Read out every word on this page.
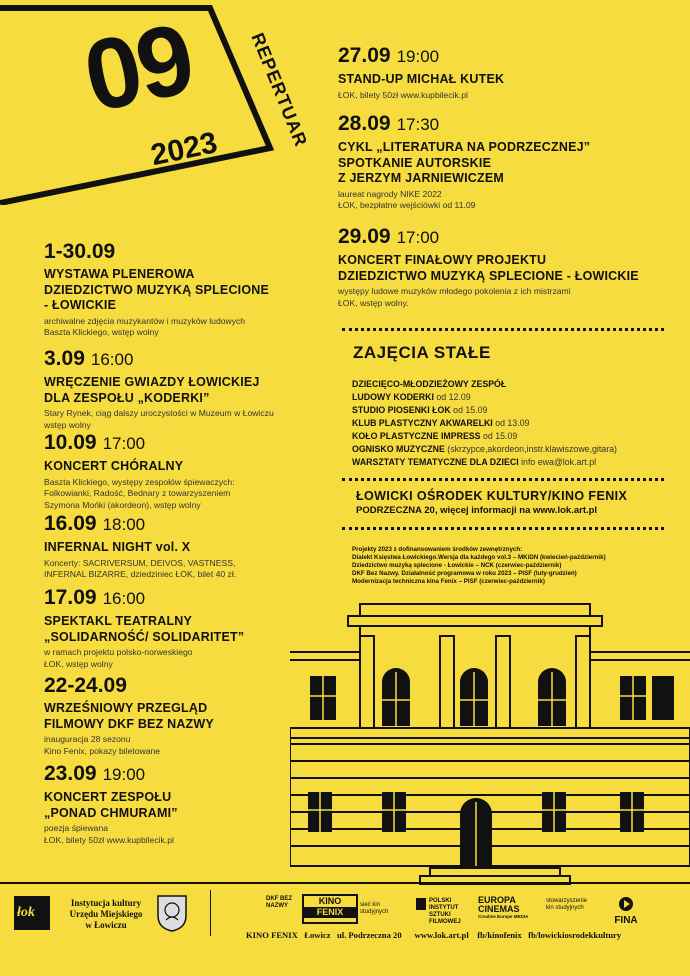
09
2023 REPERTUAR
1-30.09
WYSTAWA PLENEROWA
DZIEDZICTWO MUZYKĄ SPLECIONE
- ŁOWICKIE
archiwalne zdjęcia muzykantów i muzyków ludowych
Baszta Klickiego, wstęp wolny
3.09 16:00
WRĘCZENIE GWIAZDY ŁOWICKIEJ
DLA ZESPOŁU „KODERKI”
Stary Rynek, ciąg dalszy uroczystości w Muzeum w Łowiczu
wstęp wolny
10.09 17:00
KONCERT CHÓRALNY
Baszta Klickiego, występy zespołów śpiewaczych:
Folkowianki, Radość, Bednary z towarzyszeniem
Szymona Mońki (akordeon), wstęp wolny
16.09 18:00
INFERNAL NIGHT vol. X
Koncerty: SACRIVERSUM, DEIVOS, VASTNESS,
INFERNAL BIZARRE, dziedziniec ŁOK, bilet 40 zł.
17.09 16:00
SPEKTAKL TEATRALNY
„SOLIDARNOŚĆ/ SOLIDARITET”
w ramach projektu polsko-norweskiego
ŁOK, wstęp wolny
22-24.09
WRZEŚNIOWY PRZEGLĄD
FILMOWY DKF BEZ NAZWY
inauguracja 28 sezonu
Kino Fenix, pokazy biletowane
23.09 19:00
KONCERT ZESPOŁU
„PONAD CHMURAMI”
poezja śpiewana
ŁOK, bilety 50zł www.kupbilecik.pl
27.09 19:00
STAND-UP MICHAŁ KUTEK
ŁOK, bilety 50zł www.kupbilecik.pl
28.09 17:30
CYKL „LITERATURA NA PODRZECZNEJ”
SPOTKANIE AUTORSKIE
Z JERZYM JARNIEWICZEM
laureat nagrody NIKE 2022
ŁOK, bezpłatne wejściówki od 11.09
29.09 17:00
KONCERT FINAŁOWY PROJEKTU
DZIEDZICTWO MUZYKĄ SPLECIONE - ŁOWICKIE
występy ludowe muzyków młodego pokolenia z ich mistrzami
ŁOK, wstęp wolny.
ZAJĘCIA STAŁE
DZIECIĘCO-MŁODZIEŻOWY ZESPÓŁ
LUDOWY KODERKI od 12.09
STUDIO PIOSENKI ŁOK od 15.09
KLUB PLASTYCZNY AKWARELKI od 13.09
KOŁO PLASTYCZNE IMPRESS od 15.09
OGNISKO MUZYCZNE (skrzypce,akordeon,instr.klawiszowe,gitara)
WARSZTATY TEMATYCZNE DLA DZIECI info ewa@lok.art.pl
ŁOWICKI OŚRODEK KULTURY/KINO FENIX
PODRZECZNA 20, więcej informacji na www.lok.art.pl
Projekty 2023 z dofinansowaniem środków zewnętrznych:
Dialekt Księstwa Łowickiego.Wersja dla każdego vol.3 – MKiDN (kwiecień-październik)
Dziedzictwo muzyką splecione - Łowickie – NCK (czerwiec-październik)
DKF Bez Nazwy. Działalność programowa w roku 2023 – PISF (luty-grudzień)
Modernizacja techniczna kina Fenix – PISF (czerwiec-październik)
łok
Instytucja kultury
Urzędu Miejskiego
w Łowiczu
DKF BEZ NAZWY	KINO
FENIX
sieć kin studyjnych
POLSKI INSTYTUT SZTUKI FILMOWEJ
EUROPA CINEMAS
Creative Europe MEDIA
stowarzyszenie kin studyjnych
FINA
KINO FENIX   Łowicz   ul. Podrzeczna 20      www.lok.art.pl    fb/kinofenix   fb/lowickiosrodekkultury
